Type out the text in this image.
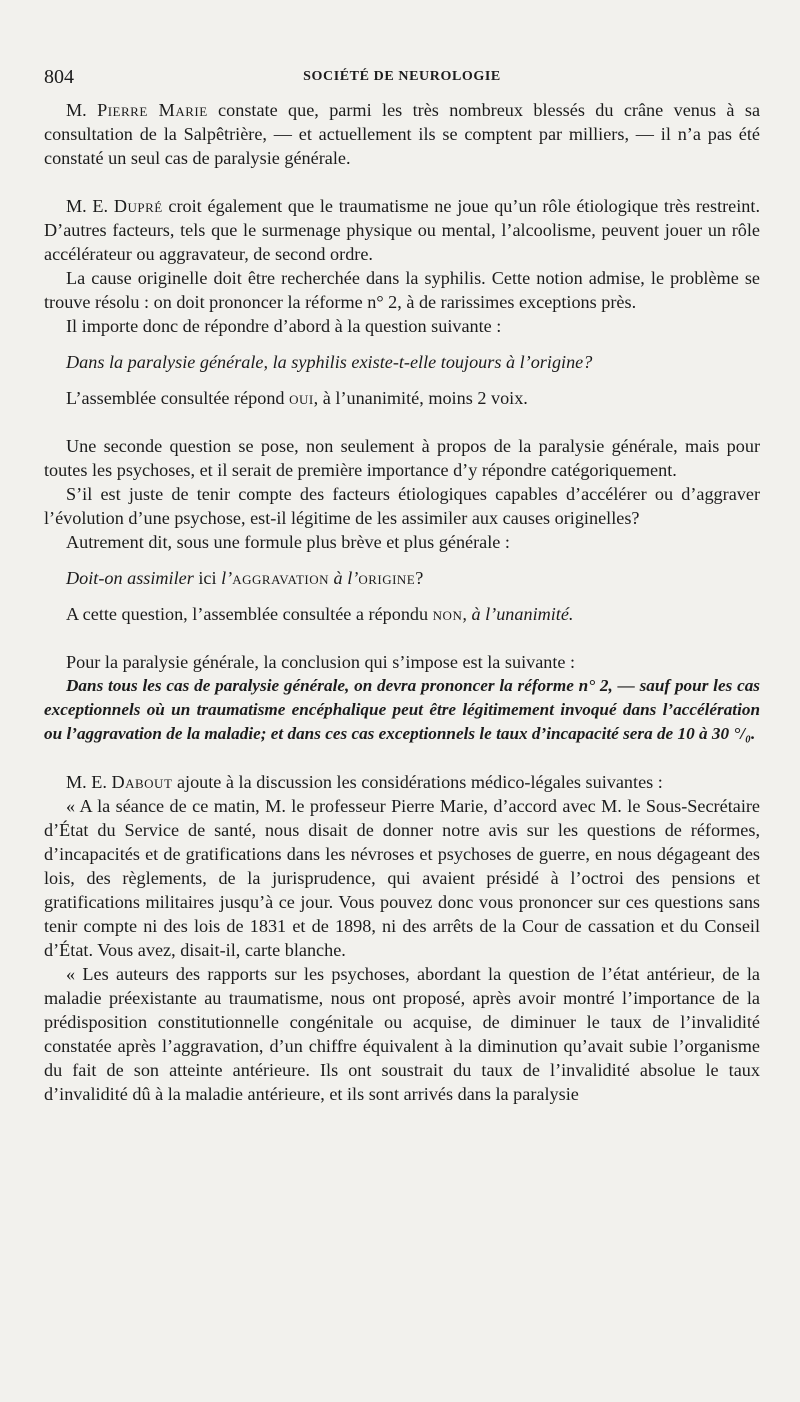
804	SOCIÉTÉ DE NEUROLOGIE

M. Pierre Marie constate que, parmi les très nombreux blessés du crâne venus à sa consultation de la Salpêtrière, — et actuellement ils se comptent par milliers, — il n’a pas été constaté un seul cas de paralysie générale.

M. E. Dupré croit également que le traumatisme ne joue qu’un rôle étiologique très restreint. D’autres facteurs, tels que le surmenage physique ou mental, l’alcoolisme, peuvent jouer un rôle accélérateur ou aggravateur, de second ordre.

La cause originelle doit être recherchée dans la syphilis. Cette notion admise, le problème se trouve résolu : on doit prononcer la réforme n° 2, à de rarissimes exceptions près.

Il importe donc de répondre d’abord à la question suivante :

Dans la paralysie générale, la syphilis existe-t-elle toujours à l’origine?

L’assemblée consultée répond oui, à l’unanimité, moins 2 voix.

Une seconde question se pose, non seulement à propos de la paralysie générale, mais pour toutes les psychoses, et il serait de première importance d’y répondre catégoriquement.

S’il est juste de tenir compte des facteurs étiologiques capables d’accélérer ou d’aggraver l’évolution d’une psychose, est-il légitime de les assimiler aux causes originelles?

Autrement dit, sous une formule plus brève et plus générale :

Doit-on assimiler ici l’aggravation à l’origine?

A cette question, l’assemblée consultée a répondu non, à l’unanimité.

Pour la paralysie générale, la conclusion qui s’impose est la suivante :

Dans tous les cas de paralysie générale, on devra prononcer la réforme n° 2, — sauf pour les cas exceptionnels où un traumatisme encéphalique peut être légitimement invoqué dans l’accélération ou l’aggravation de la maladie; et dans ces cas exceptionnels le taux d’incapacité sera de 10 à 30 °/₀.

M. E. Dabout ajoute à la discussion les considérations médico-légales suivantes :

« A la séance de ce matin, M. le professeur Pierre Marie, d’accord avec M. le Sous-Secrétaire d’État du Service de santé, nous disait de donner notre avis sur les questions de réformes, d’incapacités et de gratifications dans les névroses et psychoses de guerre, en nous dégageant des lois, des règlements, de la jurisprudence, qui avaient présidé à l’octroi des pensions et gratifications militaires jusqu’à ce jour. Vous pouvez donc vous prononcer sur ces questions sans tenir compte ni des lois de 1831 et de 1898, ni des arrêts de la Cour de cassation et du Conseil d’État. Vous avez, disait-il, carte blanche.

« Les auteurs des rapports sur les psychoses, abordant la question de l’état antérieur, de la maladie préexistante au traumatisme, nous ont proposé, après avoir montré l’importance de la prédisposition constitutionnelle congénitale ou acquise, de diminuer le taux de l’invalidité constatée après l’aggravation, d’un chiffre équivalent à la diminution qu’avait subie l’organisme du fait de son atteinte antérieure. Ils ont soustrait du taux de l’invalidité absolue le taux d’invalidité dû à la maladie antérieure, et ils sont arrivés dans la paralysie
